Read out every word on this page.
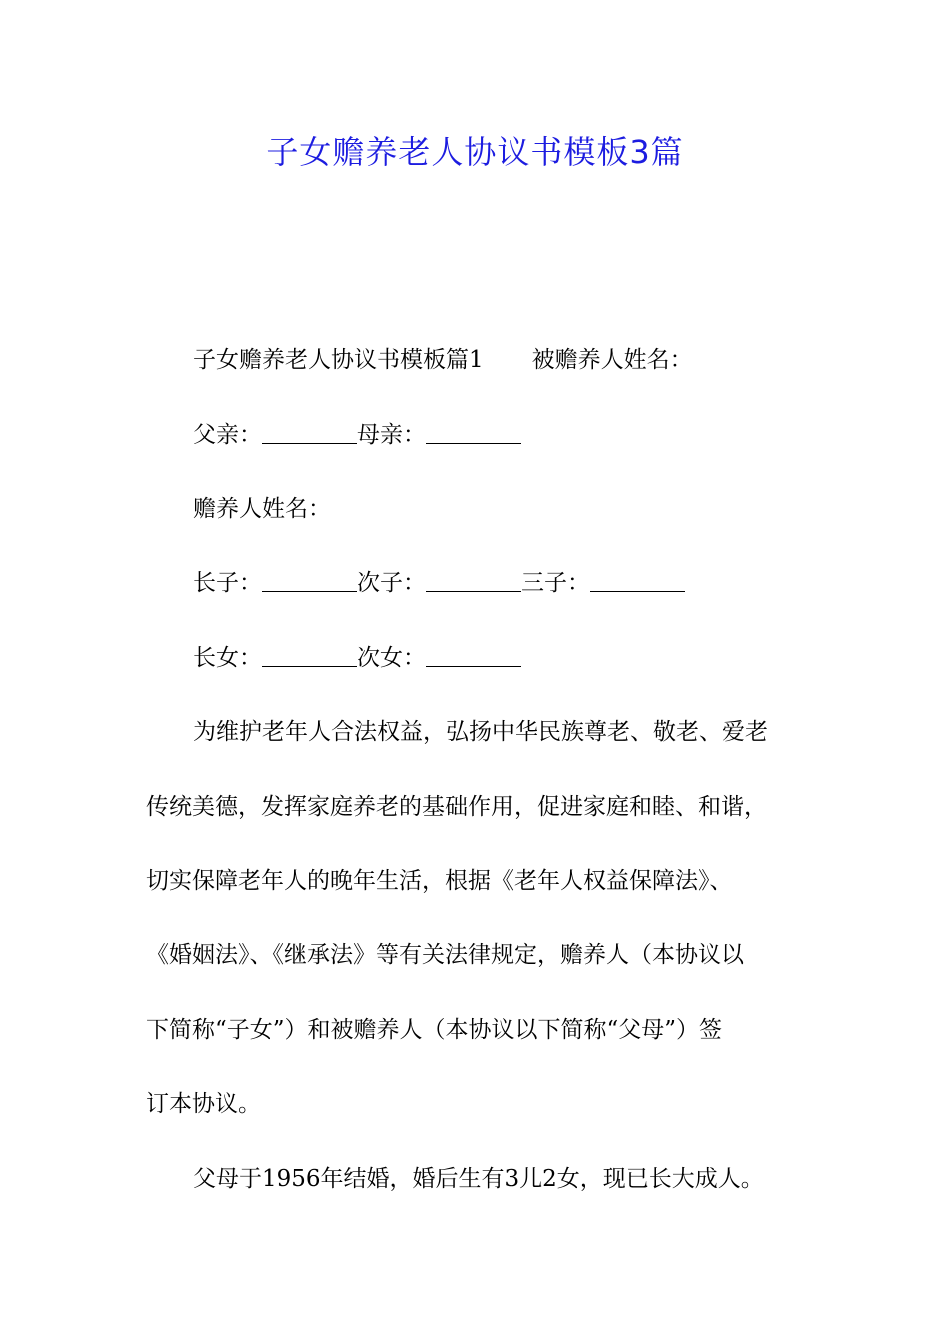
子女赡养老人协议书模板3篇
子女赡养老人协议书模板篇1 被赡养人姓名：
父亲：	母亲：
赡养人姓名：
长子：	次子：	三子：
长女：	次女：
为维护老年人合法权益，弘扬中华民族尊老、敬老、爱老
传统美德，发挥家庭养老的基础作用，促进家庭和睦、和谐，
切实保障老年人的晚年生活，根据《老年人权益保障法》、
《婚姻法》、《继承法》等有关法律规定，赡养人（本协议以
下简称“子女”）和被赡养人（本协议以下简称“父母”）签
订本协议。
父母于1956年结婚，婚后生有3儿2女，现已长大成人。
